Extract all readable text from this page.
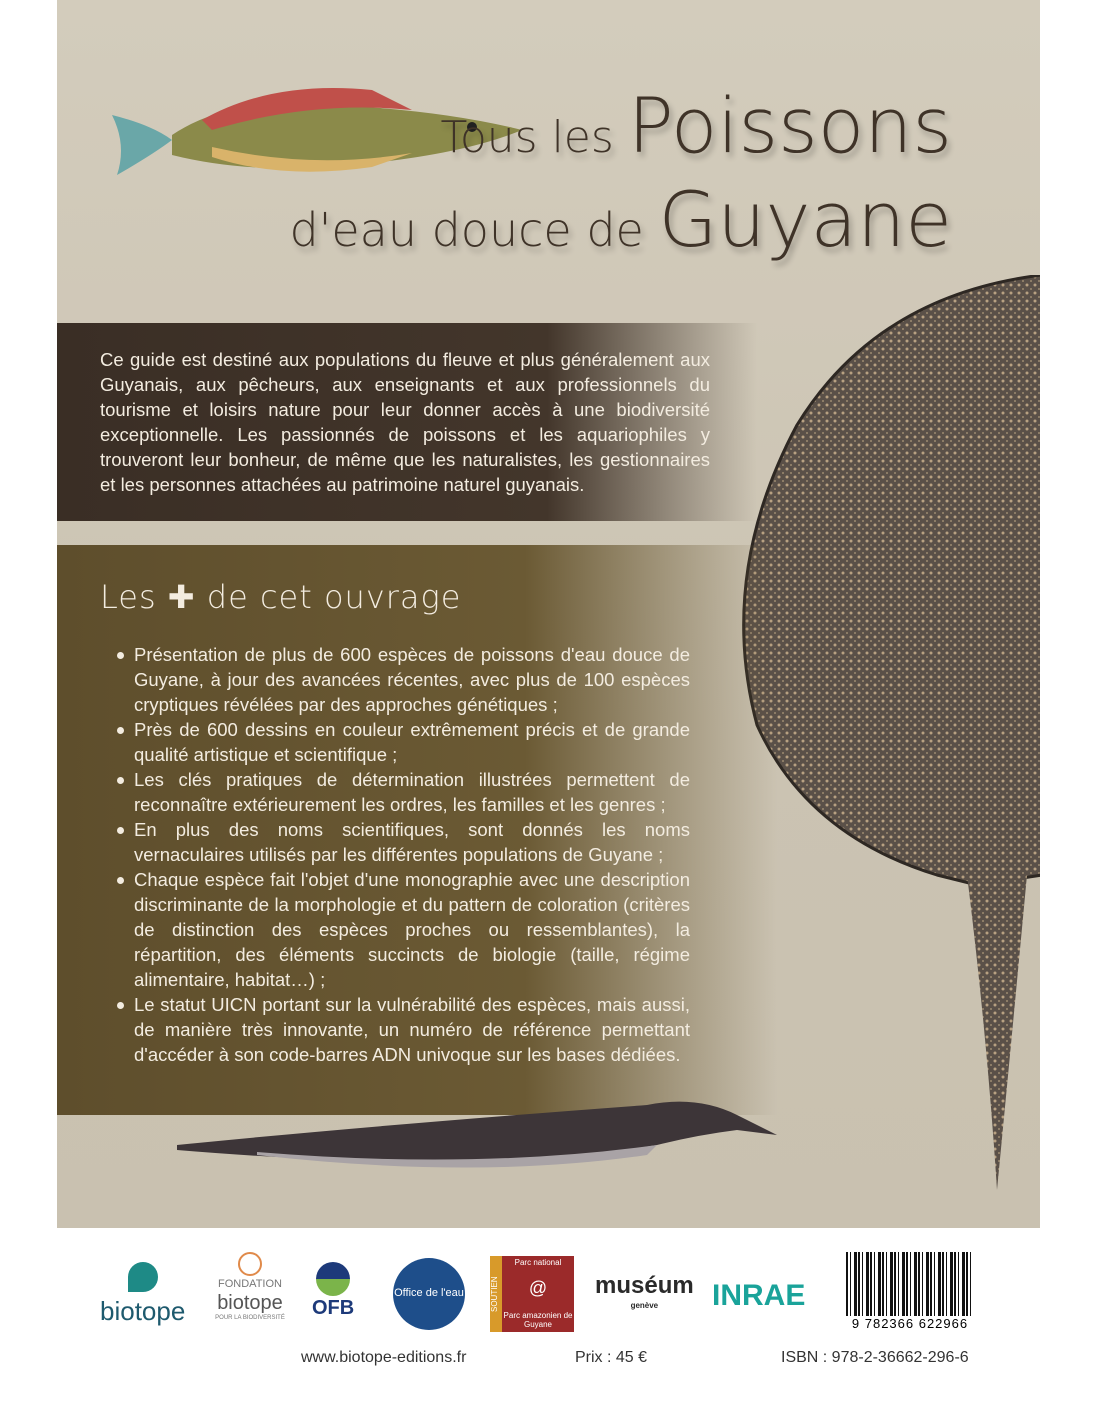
Tous les Poissons
d'eau douce de Guyane

Ce guide est destiné aux populations du fleuve et plus généralement aux Guyanais, aux pêcheurs, aux enseignants et aux professionnels du tourisme et loisirs nature pour leur donner accès à une biodiversité exceptionnelle. Les passionnés de poissons et les aquariophiles y trouveront leur bonheur, de même que les naturalistes, les gestionnaires et les personnes attachées au patrimoine naturel guyanais.

Les ✚ de cet ouvrage
Présentation de plus de 600 espèces de poissons d'eau douce de Guyane, à jour des avancées récentes, avec plus de 100 espèces cryptiques révélées par des approches génétiques ;
Près de 600 dessins en couleur extrêmement précis et de grande qualité artistique et scientifique ;
Les clés pratiques de détermination illustrées permettent de reconnaître extérieurement les ordres, les familles et les genres ;
En plus des noms scientifiques, sont donnés les noms vernaculaires utilisés par les différentes populations de Guyane ;
Chaque espèce fait l'objet d'une monographie avec une description discriminante de la morphologie et du pattern de coloration (critères de distinction des espèces proches ou ressemblantes), la répartition, des éléments succincts de biologie (taille, régime alimentaire, habitat…) ;
Le statut UICN portant sur la vulnérabilité des espèces, mais aussi, de manière très innovante, un numéro de référence permettant d'accéder à son code-barres ADN univoque sur les bases dédiées.
biotope
FONDATION
biotope
POUR LA BIODIVERSITÉ OFB
Office de l'eau	SOUTIEN
Parc national
@
Parc amazonien de Guyane
muséum
genève	INRAE
9 782366 622966
www.biotope-editions.fr	Prix : 45 €	ISBN : 978-2-36662-296-6
